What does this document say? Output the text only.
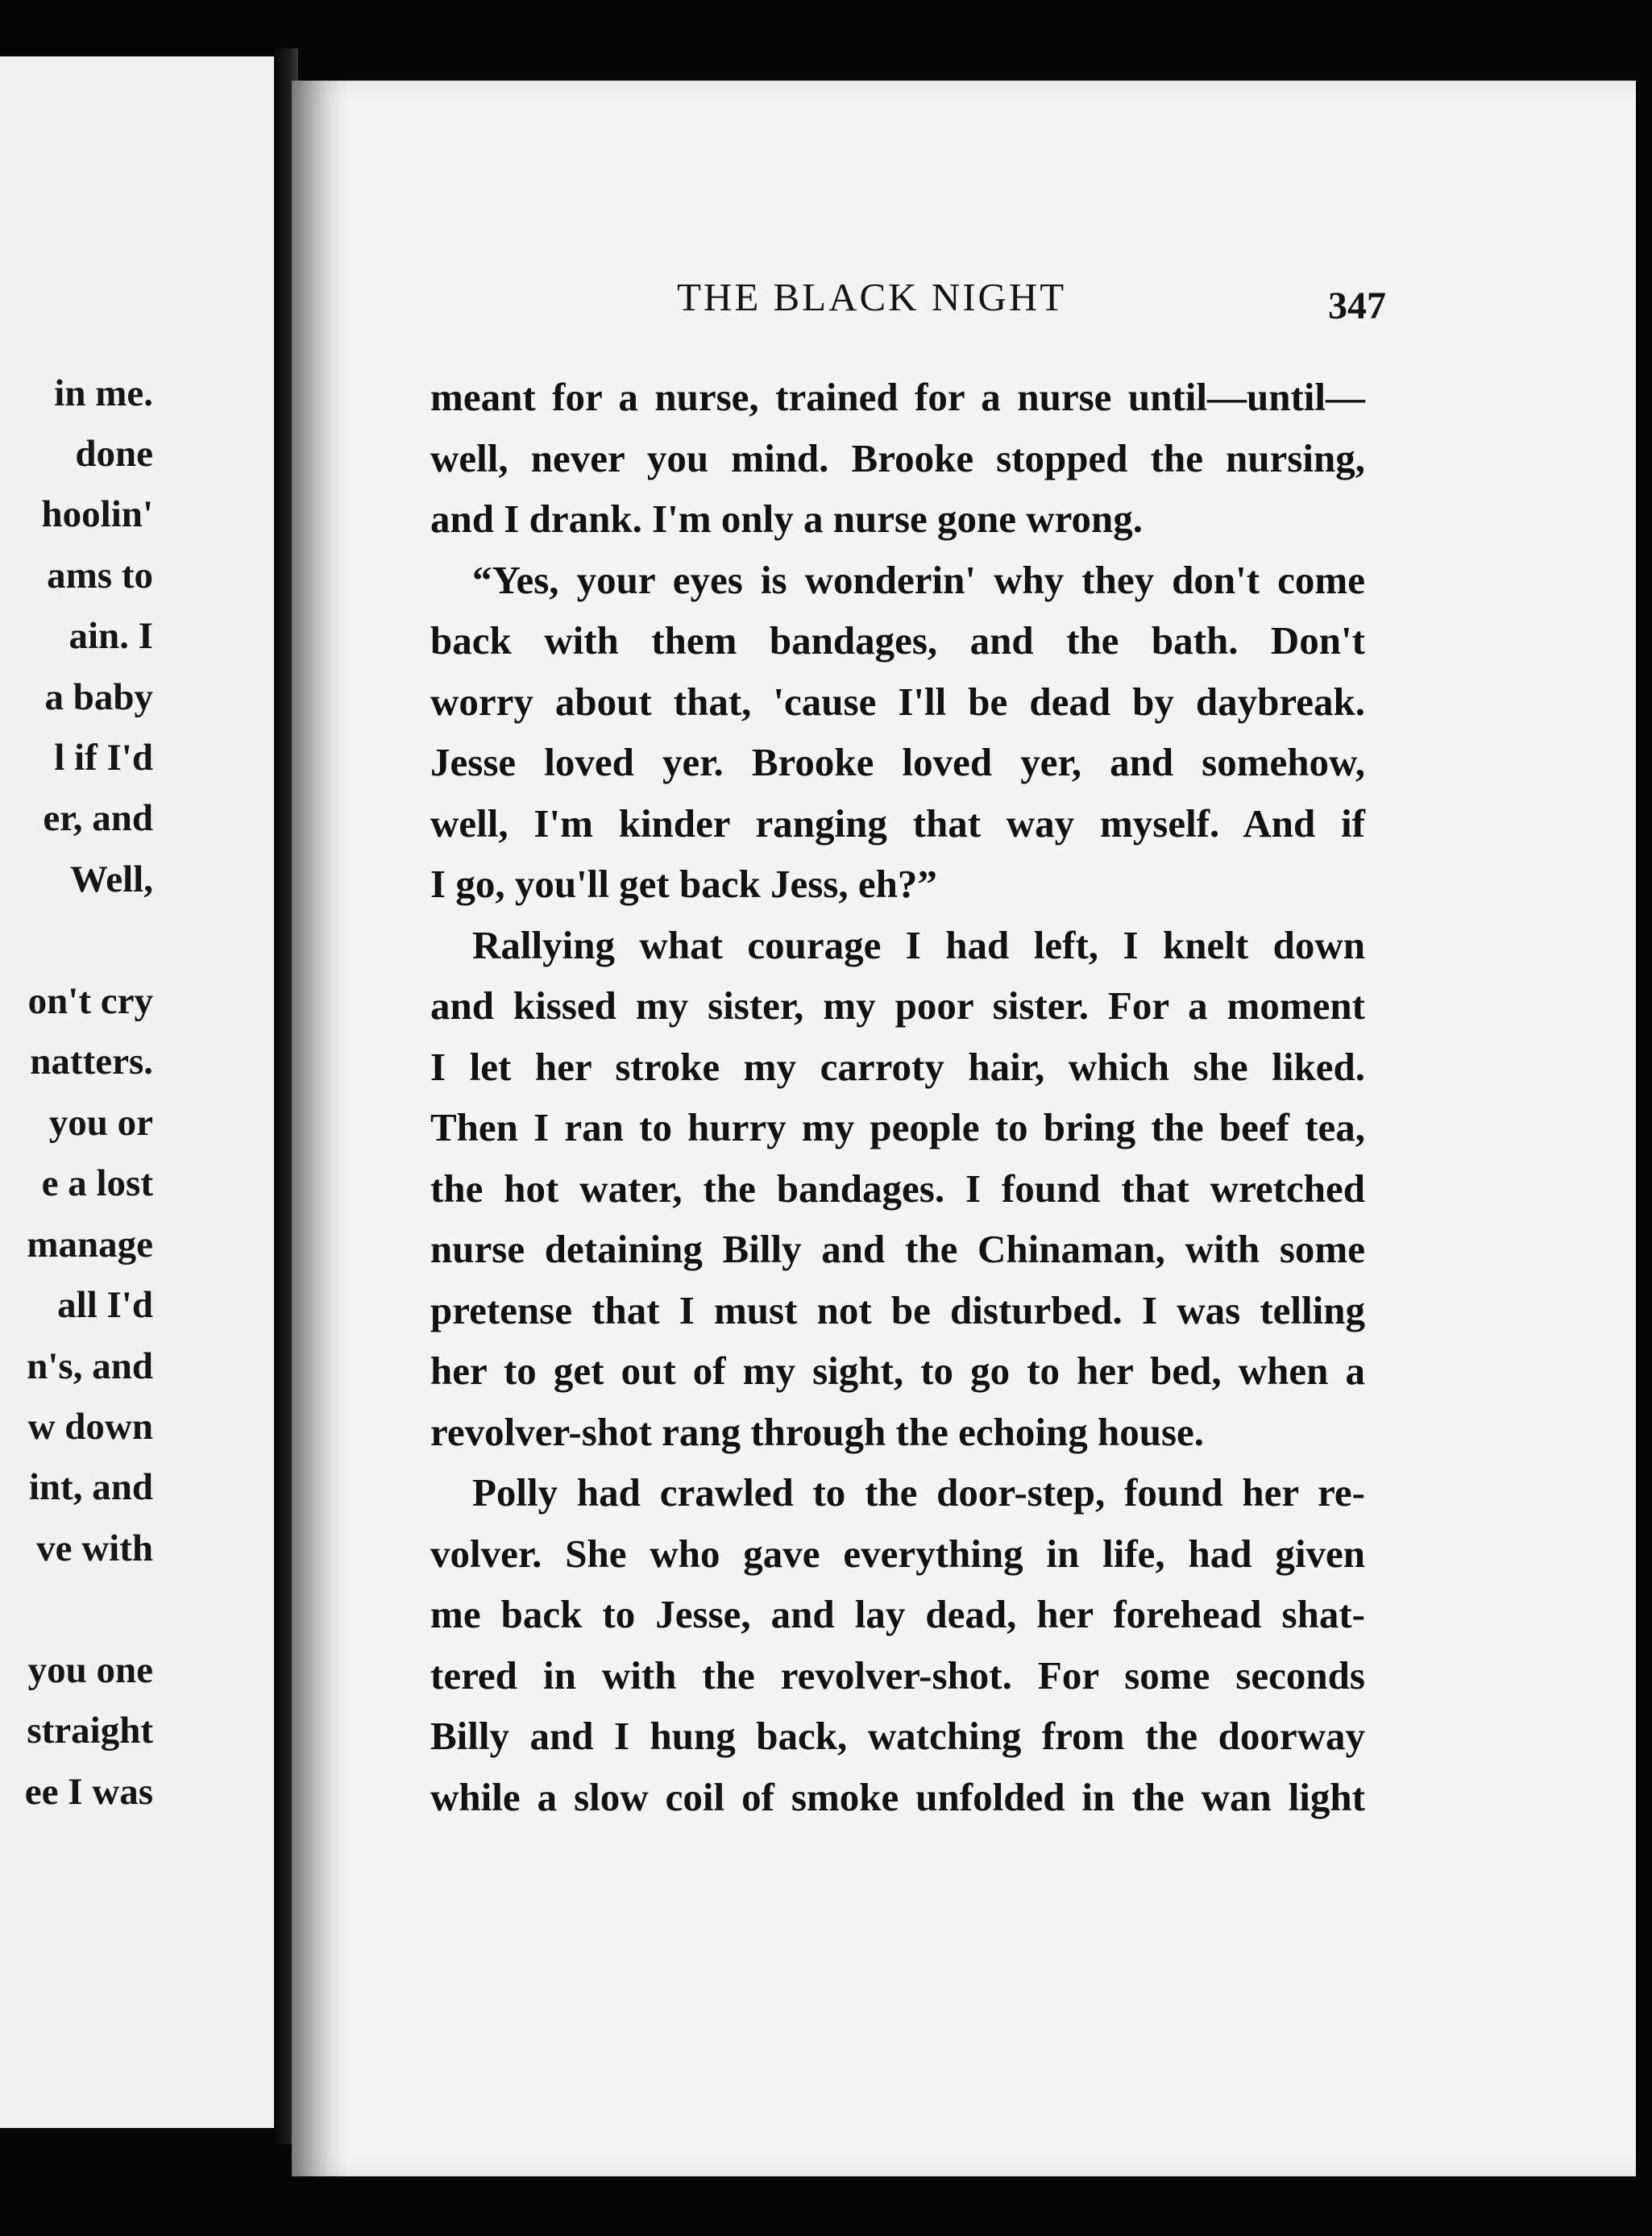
in me.
done
hoolin'
ams to
ain. I
a baby
l if I'd
er, and
Well,
on't cry
natters.
you or
e a lost
manage
all I'd
n's, and
w down
int, and
ve with
you one
straight
ee I was
THE BLACK NIGHT	347
meant for a nurse, trained for a nurse until—until—
well, never you mind. Brooke stopped the nursing,
and I drank. I'm only a nurse gone wrong.
“Yes, your eyes is wonderin' why they don't come
back with them bandages, and the bath. Don't
worry about that, 'cause I'll be dead by daybreak.
Jesse loved yer. Brooke loved yer, and somehow,
well, I'm kinder ranging that way myself. And if
I go, you'll get back Jess, eh?”
Rallying what courage I had left, I knelt down
and kissed my sister, my poor sister. For a moment
I let her stroke my carroty hair, which she liked.
Then I ran to hurry my people to bring the beef tea,
the hot water, the bandages. I found that wretched
nurse detaining Billy and the Chinaman, with some
pretense that I must not be disturbed. I was telling
her to get out of my sight, to go to her bed, when a
revolver-shot rang through the echoing house.
Polly had crawled to the door-step, found her re-
volver. She who gave everything in life, had given
me back to Jesse, and lay dead, her forehead shat-
tered in with the revolver-shot. For some seconds
Billy and I hung back, watching from the doorway
while a slow coil of smoke unfolded in the wan light
